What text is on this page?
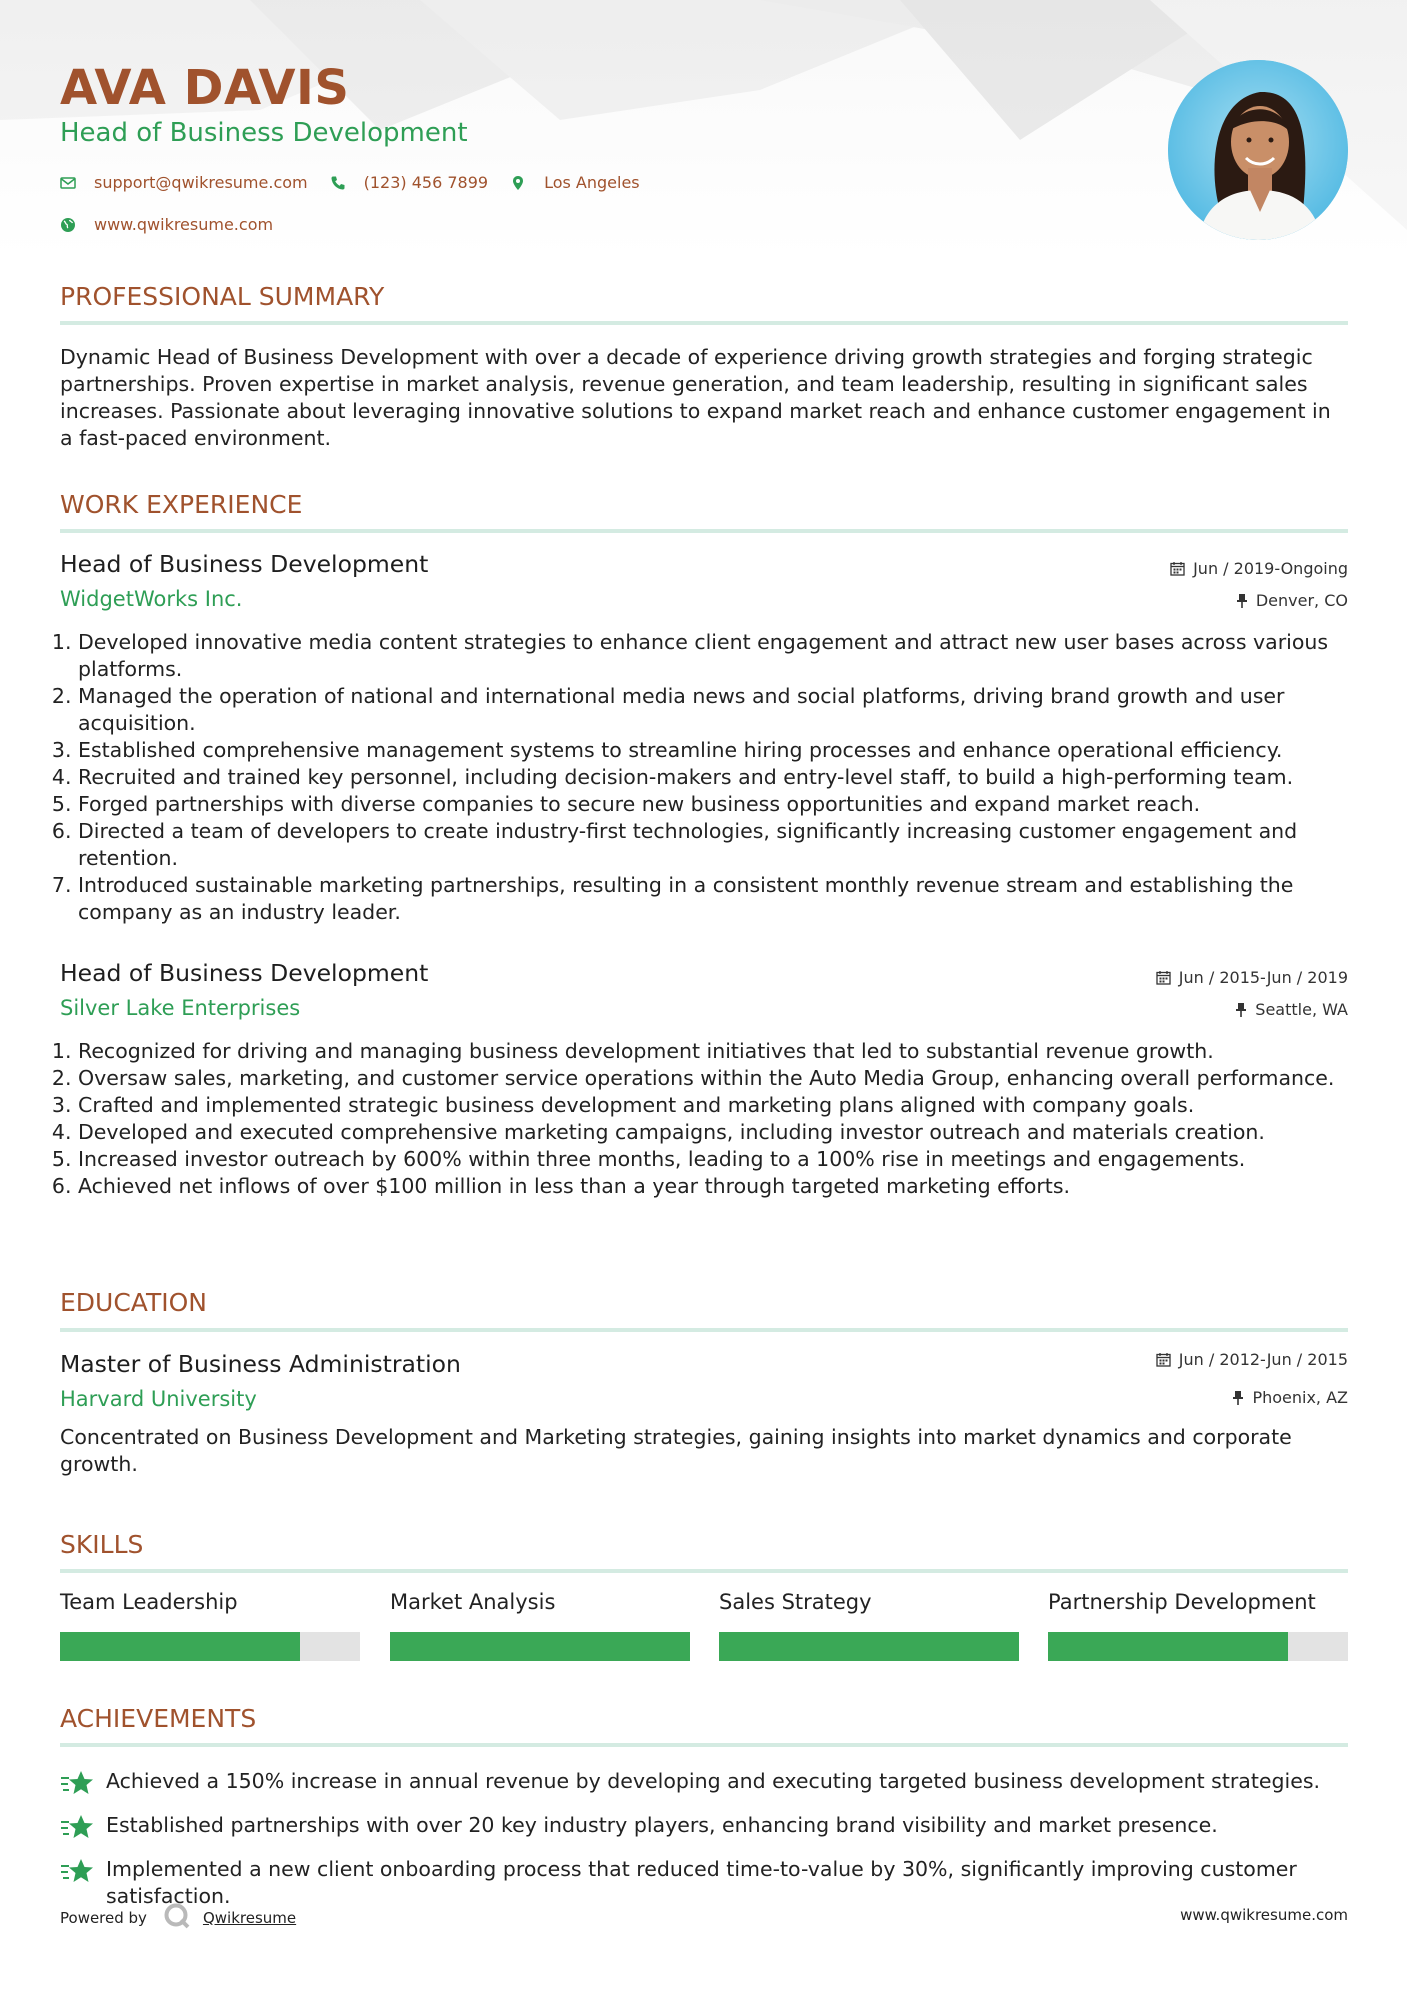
AVA DAVIS
Head of Business Development
support@qwikresume.com	(123) 456 7899	Los Angeles
www.qwikresume.com
PROFESSIONAL SUMMARY
Dynamic Head of Business Development with over a decade of experience driving growth strategies and forging strategic partnerships. Proven expertise in market analysis, revenue generation, and team leadership, resulting in significant sales increases. Passionate about leveraging innovative solutions to expand market reach and enhance customer engagement in a fast-paced environment.
WORK EXPERIENCE
Head of Business Development	Jun / 2019-Ongoing
WidgetWorks Inc.	Denver, CO
1. Developed innovative media content strategies to enhance client engagement and attract new user bases across various platforms.
2. Managed the operation of national and international media news and social platforms, driving brand growth and user acquisition.
3. Established comprehensive management systems to streamline hiring processes and enhance operational efficiency.
4. Recruited and trained key personnel, including decision-makers and entry-level staff, to build a high-performing team.
5. Forged partnerships with diverse companies to secure new business opportunities and expand market reach.
6. Directed a team of developers to create industry-first technologies, significantly increasing customer engagement and retention.
7. Introduced sustainable marketing partnerships, resulting in a consistent monthly revenue stream and establishing the company as an industry leader.
Head of Business Development	Jun / 2015-Jun / 2019
Silver Lake Enterprises	Seattle, WA
1. Recognized for driving and managing business development initiatives that led to substantial revenue growth.
2. Oversaw sales, marketing, and customer service operations within the Auto Media Group, enhancing overall performance.
3. Crafted and implemented strategic business development and marketing plans aligned with company goals.
4. Developed and executed comprehensive marketing campaigns, including investor outreach and materials creation.
5. Increased investor outreach by 600% within three months, leading to a 100% rise in meetings and engagements.
6. Achieved net inflows of over $100 million in less than a year through targeted marketing efforts.
EDUCATION
Master of Business Administration	Jun / 2012-Jun / 2015
Harvard University	Phoenix, AZ
Concentrated on Business Development and Marketing strategies, gaining insights into market dynamics and corporate growth.
SKILLS
Team Leadership	Market Analysis	Sales Strategy	Partnership Development
ACHIEVEMENTS
Achieved a 150% increase in annual revenue by developing and executing targeted business development strategies.
Established partnerships with over 20 key industry players, enhancing brand visibility and market presence.
Implemented a new client onboarding process that reduced time-to-value by 30%, significantly improving customer satisfaction.
Powered by	Qwikresume	www.qwikresume.com
